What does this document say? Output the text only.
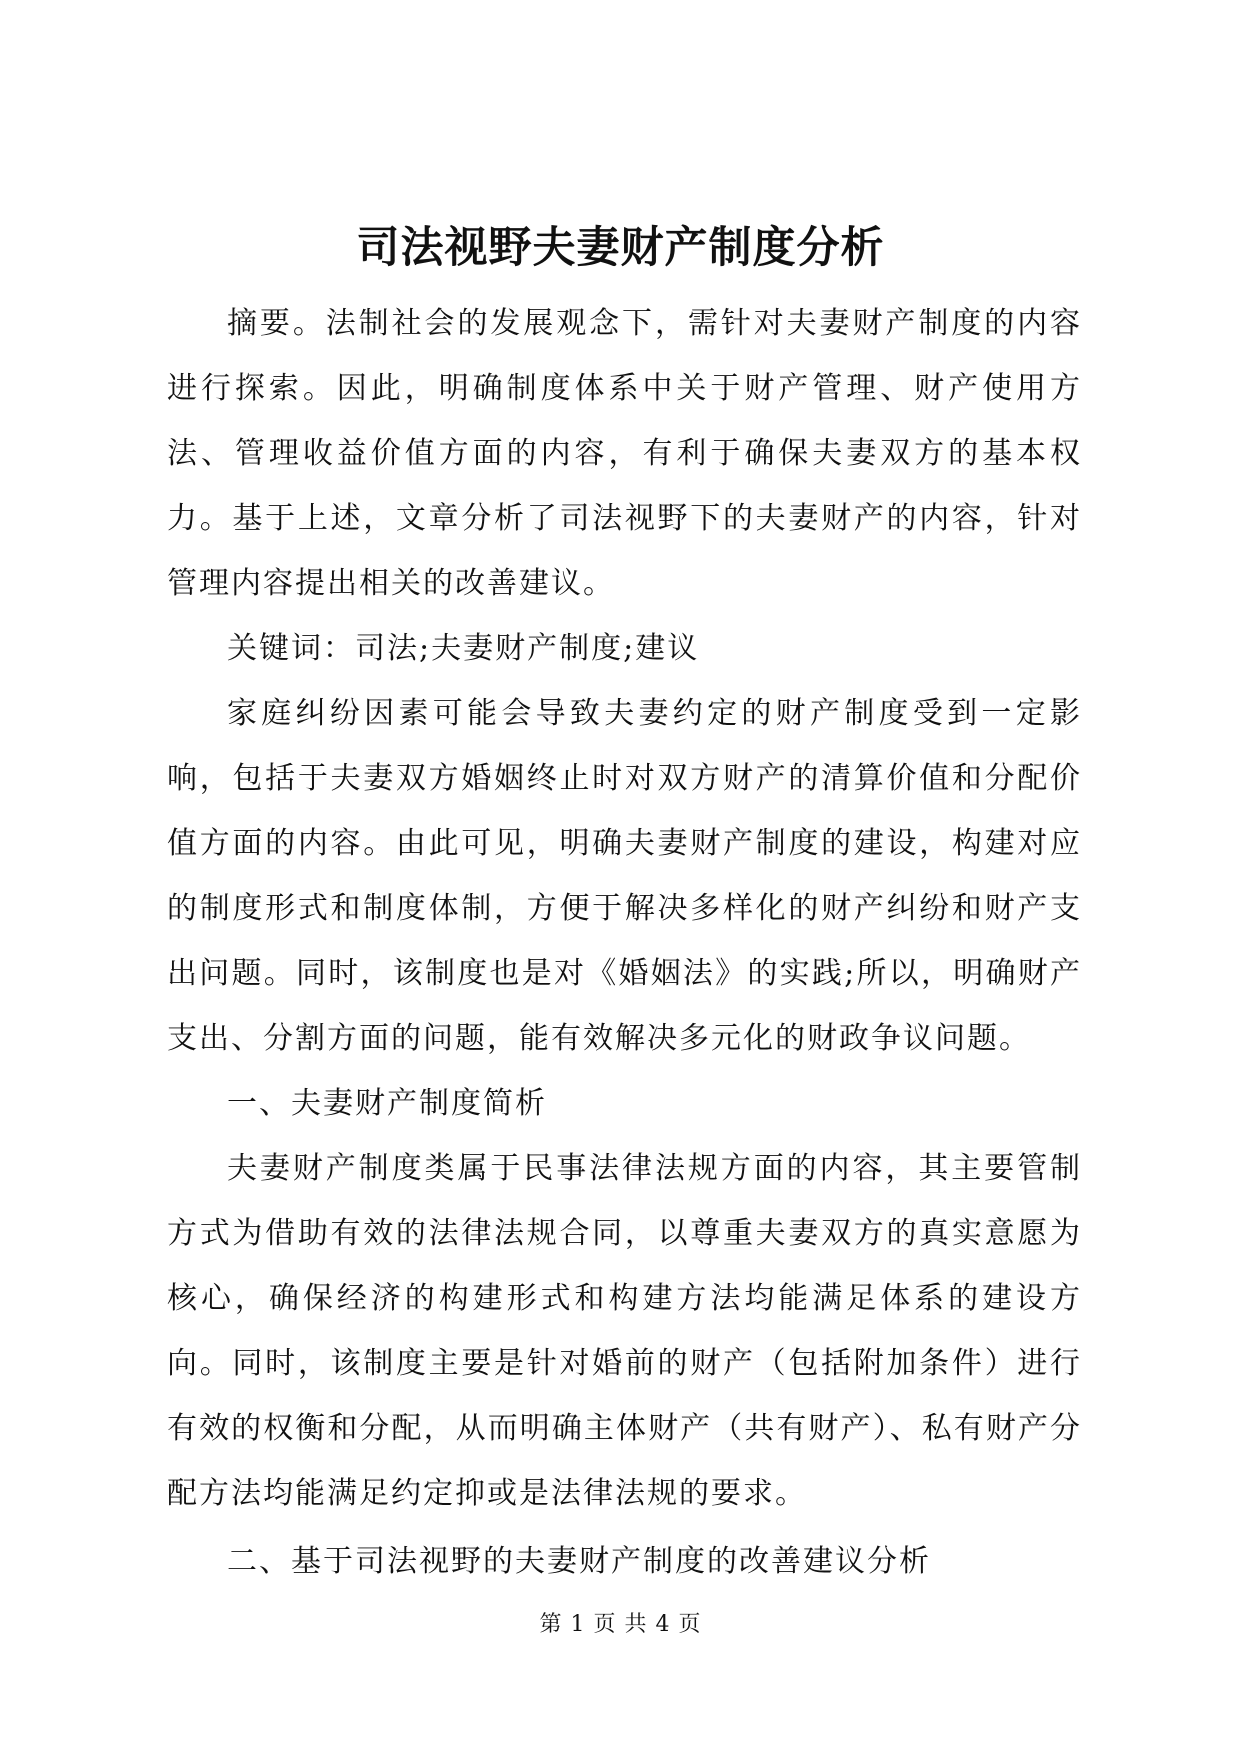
司法视野夫妻财产制度分析

摘要。法制社会的发展观念下，需针对夫妻财产制度的内容进行探索。因此，明确制度体系中关于财产管理、财产使用方法、管理收益价值方面的内容，有利于确保夫妻双方的基本权力。基于上述，文章分析了司法视野下的夫妻财产的内容，针对管理内容提出相关的改善建议。

关键词：司法;夫妻财产制度;建议

家庭纠纷因素可能会导致夫妻约定的财产制度受到一定影响，包括于夫妻双方婚姻终止时对双方财产的清算价值和分配价值方面的内容。由此可见，明确夫妻财产制度的建设，构建对应的制度形式和制度体制，方便于解决多样化的财产纠纷和财产支出问题。同时，该制度也是对《婚姻法》的实践;所以，明确财产支出、分割方面的问题，能有效解决多元化的财政争议问题。

一、夫妻财产制度简析

夫妻财产制度类属于民事法律法规方面的内容，其主要管制方式为借助有效的法律法规合同，以尊重夫妻双方的真实意愿为核心，确保经济的构建形式和构建方法均能满足体系的建设方向。同时，该制度主要是针对婚前的财产（包括附加条件）进行有效的权衡和分配，从而明确主体财产（共有财产）、私有财产分配方法均能满足约定抑或是法律法规的要求。

二、基于司法视野的夫妻财产制度的改善建议分析

第 1 页 共 4 页
